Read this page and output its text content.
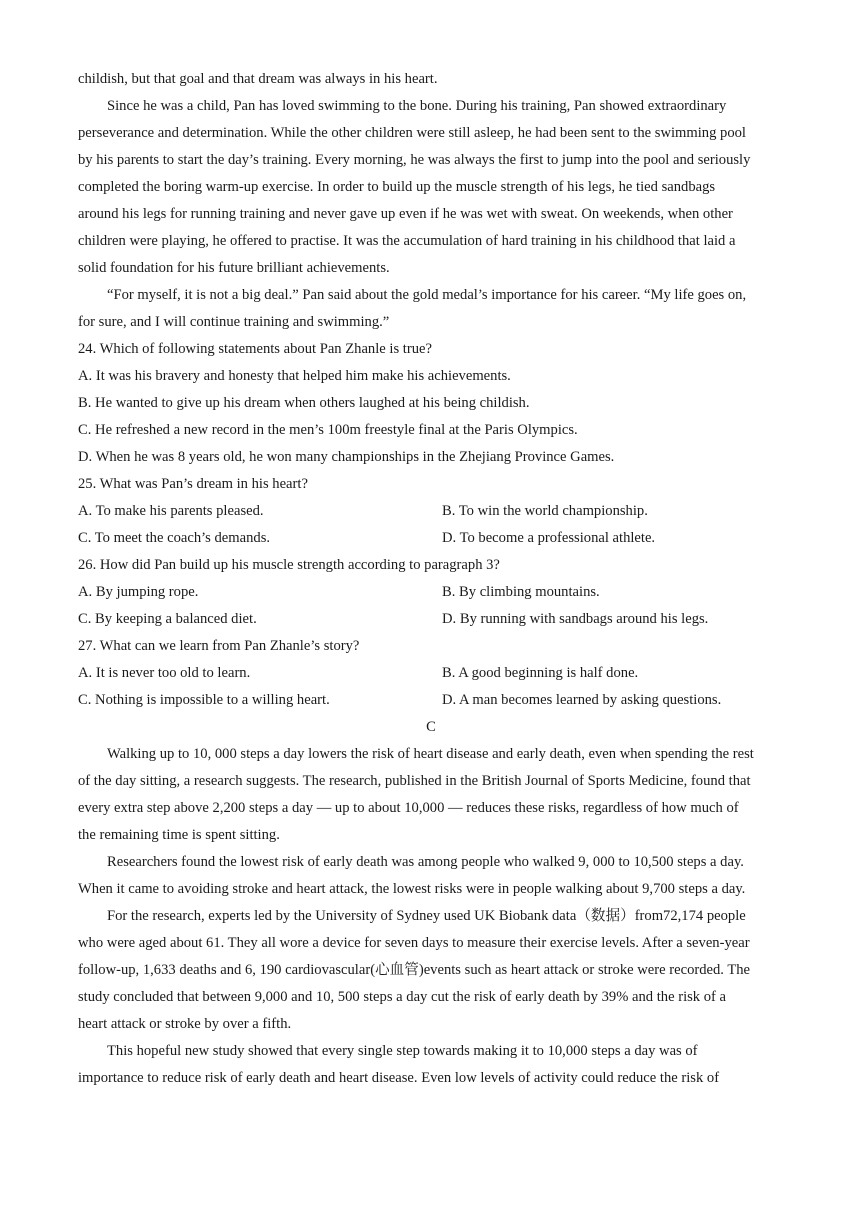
childish, but that goal and that dream was always in his heart.
Since he was a child, Pan has loved swimming to the bone. During his training, Pan showed extraordinary
perseverance and determination. While the other children were still asleep, he had been sent to the swimming pool
by his parents to start the day’s training. Every morning, he was always the first to jump into the pool and seriously
completed the boring warm-up exercise. In order to build up the muscle strength of his legs, he tied sandbags
around his legs for running training and never gave up even if he was wet with sweat. On weekends, when other
children were playing, he offered to practise. It was the accumulation of hard training in his childhood that laid a
solid foundation for his future brilliant achievements.
“For myself, it is not a big deal.” Pan said about the gold medal’s importance for his career. “My life goes on,
for sure, and I will continue training and swimming.”
24. Which of following statements about Pan Zhanle is true?
A. It was his bravery and honesty that helped him make his achievements.
B. He wanted to give up his dream when others laughed at his being childish.
C. He refreshed a new record in the men’s 100m freestyle final at the Paris Olympics.
D. When he was 8 years old, he won many championships in the Zhejiang Province Games.
25. What was Pan’s dream in his heart?
A. To make his parents pleased.	B. To win the world championship.
C. To meet the coach’s demands.	D. To become a professional athlete.
26. How did Pan build up his muscle strength according to paragraph 3?
A. By jumping rope.	B. By climbing mountains.
C. By keeping a balanced diet.	D. By running with sandbags around his legs.
27. What can we learn from Pan Zhanle’s story?
A. It is never too old to learn.	B. A good beginning is half done.
C. Nothing is impossible to a willing heart.	D. A man becomes learned by asking questions.
C
Walking up to 10, 000 steps a day lowers the risk of heart disease and early death, even when spending the rest
of the day sitting, a research suggests. The research, published in the British Journal of Sports Medicine, found that
every extra step above 2,200 steps a day — up to about 10,000 — reduces these risks, regardless of how much of
the remaining time is spent sitting.
Researchers found the lowest risk of early death was among people who walked 9, 000 to 10,500 steps a day.
When it came to avoiding stroke and heart attack, the lowest risks were in people walking about 9,700 steps a day.
For the research, experts led by the University of Sydney used UK Biobank data（数据）from72,174 people
who were aged about 61. They all wore a device for seven days to measure their exercise levels. After a seven-year
follow-up, 1,633 deaths and 6, 190 cardiovascular(心血管)events such as heart attack or stroke were recorded. The
study concluded that between 9,000 and 10, 500 steps a day cut the risk of early death by 39% and the risk of a
heart attack or stroke by over a fifth.
This hopeful new study showed that every single step towards making it to 10,000 steps a day was of
importance to reduce risk of early death and heart disease. Even low levels of activity could reduce the risk of
